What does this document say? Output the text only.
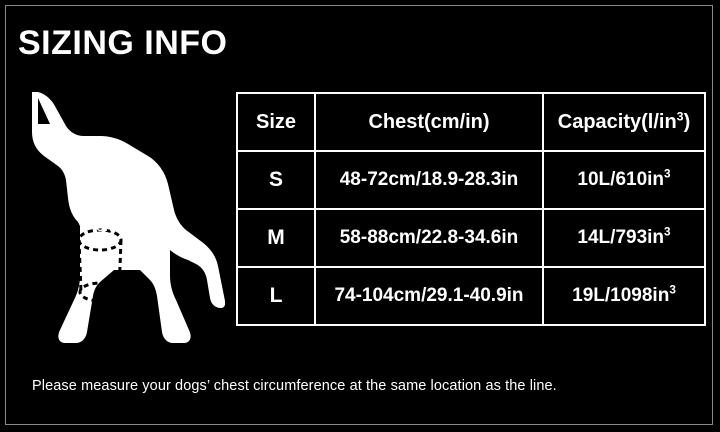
SIZING INFO
CHEST
Size	Chest(cm/in)	$Capacity(l/in^3)$
S	48-72cm/18.9-28.3in	$10L/610in^3$
M	58-88cm/22.8-34.6in	$14L/793in^3$
L	74-104cm/29.1-40.9in	$19L/1098in^3$
Please measure your dogs’ chest circumference at the same location as the line.
